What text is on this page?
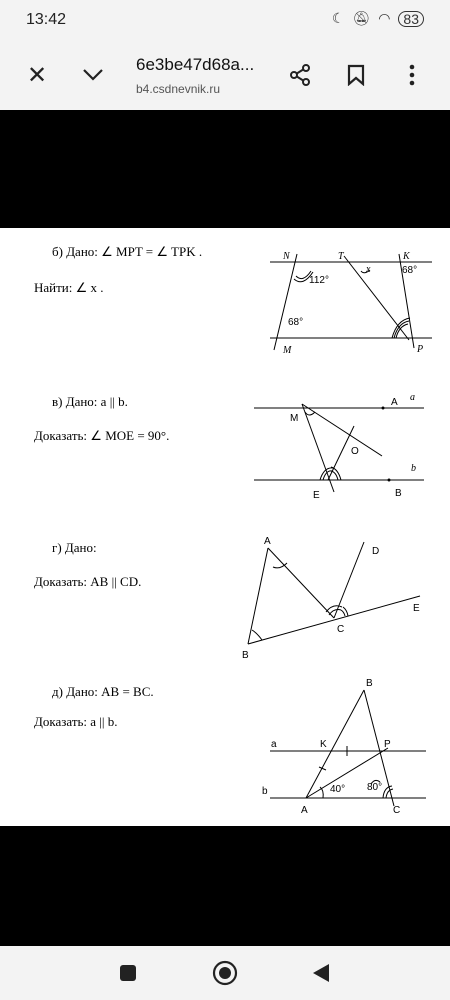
13:42	☾ 🔕︎ ◠ 83
✕	6e3be47d68a...
b4.csdnevnik.ru
б) Дано: ∠ MPT = ∠ TPK .
Найти: ∠ x .
в) Дано: a || b.
Доказать: ∠ MOE = 90°.
г) Дано:
Доказать: AB || CD.
д) Дано: AB = BC.
Доказать: a || b.
N	T	K
x
112°
68°
68°
M	P
M
A a
O
b
E	B
A
D
E
C
B
B
a	K	P
b	40° 80°
A	C
